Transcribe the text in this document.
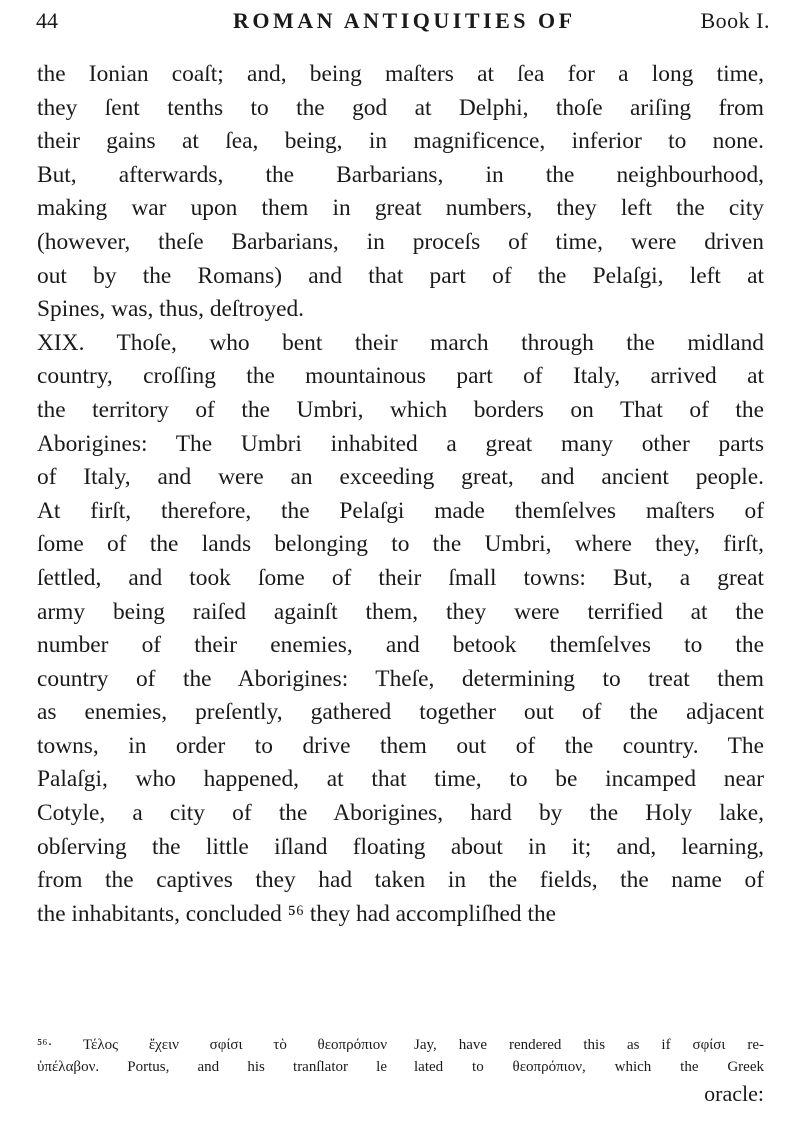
44	ROMAN ANTIQUITIES OF	Book I.
the Ionian coaſt; and, being maſters at ſea for a long time,
they ſent tenths to the god at Delphi, thoſe ariſing from
their gains at ſea, being, in magnificence, inferior to none.
But, afterwards, the Barbarians, in the neighbourhood,
making war upon them in great numbers, they left the city
(however, theſe Barbarians, in proceſs of time, were driven
out by the Romans) and that part of the Pelaſgi, left at
Spines, was, thus, deſtroyed.
XIX. Thoſe, who bent their march through the midland
country, croſſing the mountainous part of Italy, arrived at
the territory of the Umbri, which borders on That of the
Aborigines: The Umbri inhabited a great many other parts
of Italy, and were an exceeding great, and ancient people.
At firſt, therefore, the Pelaſgi made themſelves maſters of
ſome of the lands belonging to the Umbri, where they, firſt,
ſettled, and took ſome of their ſmall towns: But, a great
army being raiſed againſt them, they were terrified at the
number of their enemies, and betook themſelves to the
country of the Aborigines: Theſe, determining to treat them
as enemies, preſently, gathered together out of the adjacent
towns, in order to drive them out of the country. The
Palaſgi, who happened, at that time, to be incamped near
Cotyle, a city of the Aborigines, hard by the Holy lake,
obſerving the little iſland floating about in it; and, learning,
from the captives they had taken in the fields, the name of
the inhabitants, concluded ⁵⁶ they had accompliſhed the
⁵⁶· Τέλος ἔχειν σφίσι τὸ θεοπρόπιον
ὑπέλαβον. Portus, and his tranſlator le
Jay, have rendered this as if σφίσι re-
lated to θεοπρόπιον, which the Greek
oracle:
